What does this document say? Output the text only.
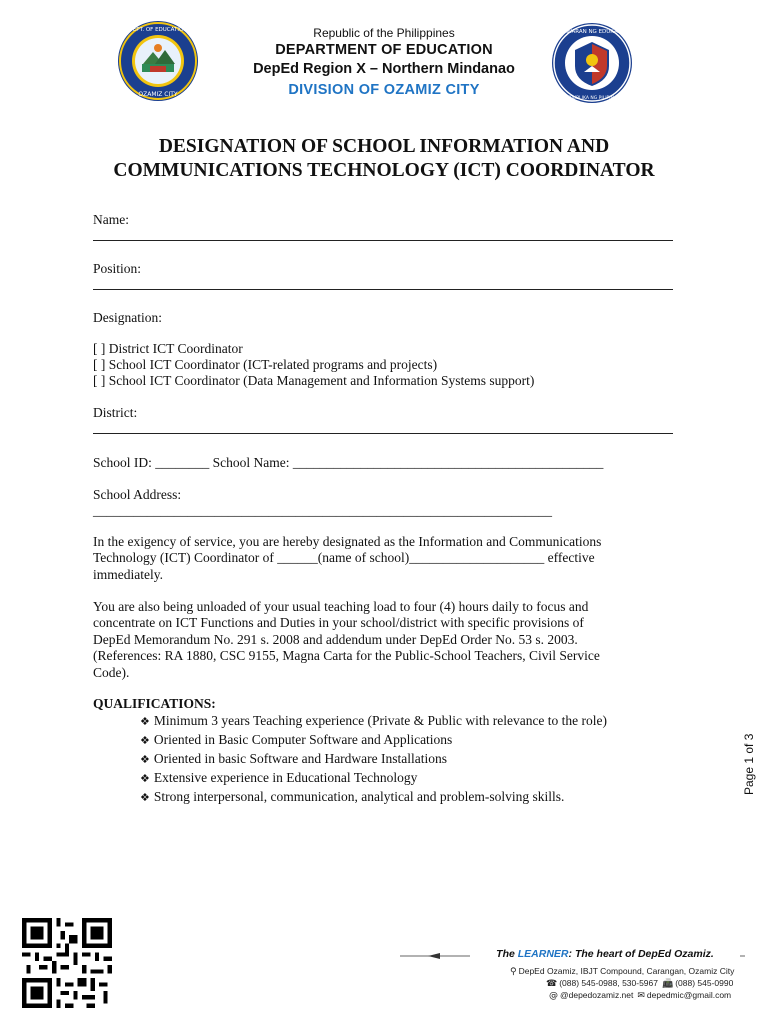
DEPT. OF EDUCATION
OZAMIZ CITY
KAGAWARAN NG EDUKASYON
REPUBLIKA NG PILIPINAS
Republic of the Philippines
DEPARTMENT OF EDUCATION
DepEd Region X – Northern Mindanao
DIVISION OF OZAMIZ CITY
DESIGNATION OF SCHOOL INFORMATION AND
COMMUNICATIONS TECHNOLOGY (ICT) COORDINATOR
Name:
Position:
Designation:
[ ] District ICT Coordinator
[ ] School ICT Coordinator (ICT-related programs and projects)
[ ] School ICT Coordinator (Data Management and Information Systems support)
District:
School ID: ________ School Name: ______________________________________________
School Address:
____________________________________________________________________
In the exigency of service, you are hereby designated as the Information and Communications
Technology (ICT) Coordinator of ______(name of school)____________________ effective
immediately.
You are also being unloaded of your usual teaching load to four (4) hours daily to focus and
concentrate on ICT Functions and Duties in your school/district with specific provisions of
DepEd Memorandum No. 291 s. 2008 and addendum under DepEd Order No. 53 s. 2003.
(References: RA 1880, CSC 9155, Magna Carta for the Public-School Teachers, Civil Service
Code).
QUALIFICATIONS:
❖ Minimum 3 years Teaching experience (Private & Public with relevance to the role)
❖ Oriented in Basic Computer Software and Applications
❖ Oriented in basic Software and Hardware Installations
❖ Extensive experience in Educational Technology
❖ Strong interpersonal, communication, analytical and problem-solving skills.
Page 1 of 3
The LEARNER: The heart of DepEd Ozamiz.
⚲ DepEd Ozamiz, IBJT Compound, Carangan, Ozamiz City
☎ (088) 545-0988, 530-5967 📠 (088) 545-0990
@ @depedozamiz.net ✉ depedmic@gmail.com
